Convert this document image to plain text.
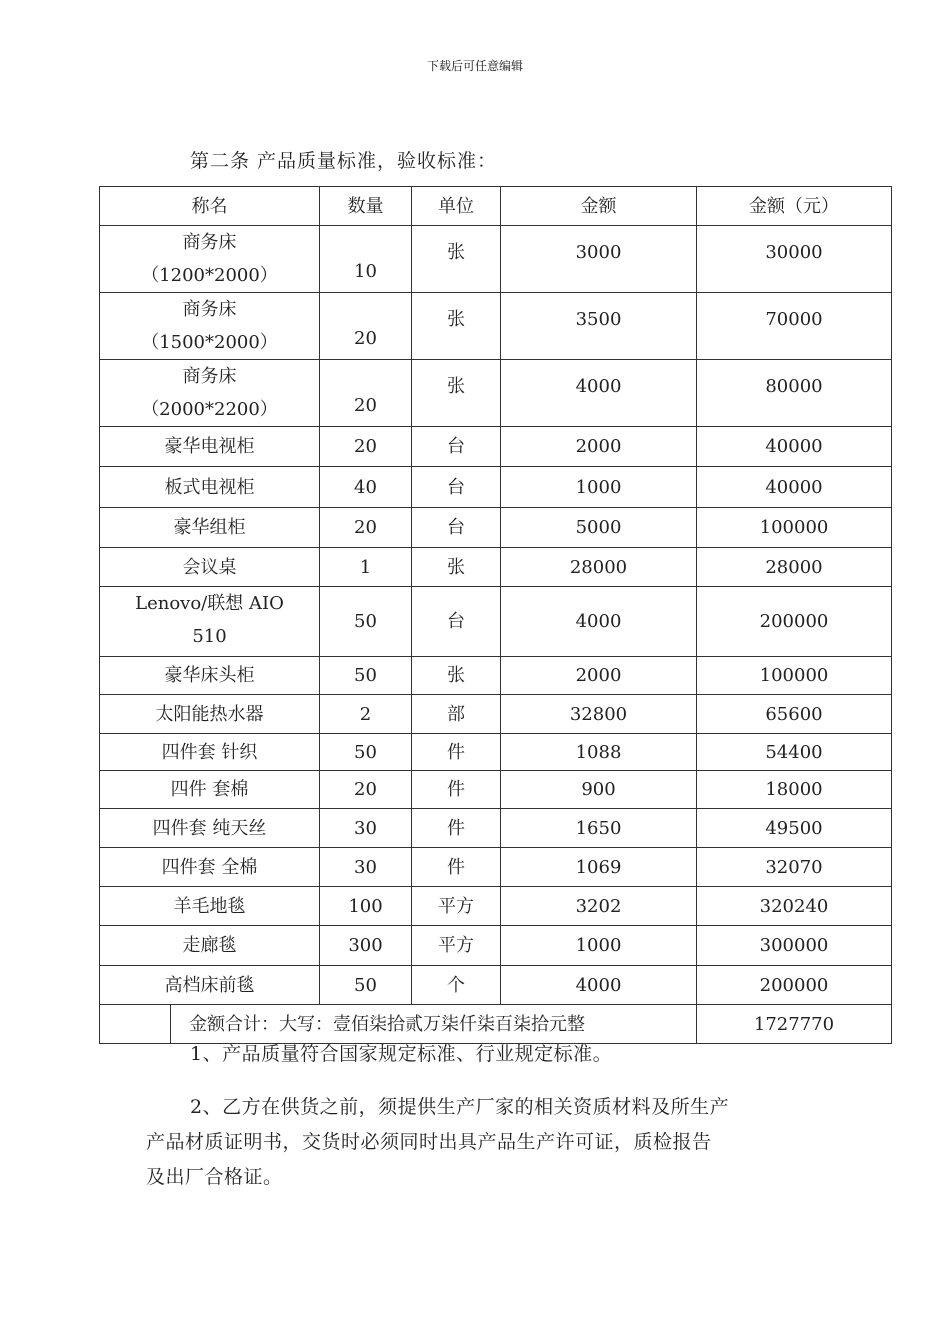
下载后可任意编辑
第二条 产品质量标准，验收标准：
称名	数量	单位	金额	金额（元）

商务床
（1200*2000）	10	张	3000	30000

商务床
（1500*2000）	20	张	3500	70000

商务床
（2000*2200）	20	张	4000	80000

豪华电视柜	20	台	2000	40000
板式电视柜	40	台	1000	40000
豪华组柜	20	台	5000	100000
会议桌	1	张	28000	28000

Lenovo/联想 AIO
510	50	台	4000	200000
豪华床头柜	50	张	2000	100000
太阳能热水器	2	部	32800	65600
四件套 针织	50	件	1088	54400
四件 套棉	20	件	900	18000
四件套 纯天丝	30	件	1650	49500
四件套 全棉	30	件	1069	32070
羊毛地毯	100	平方	3202	320240
走廊毯	300	平方	1000	300000
高档床前毯	50	个	4000	200000

金额合计：大写：壹佰柒拾贰万柒仟柒百柒拾元整				1727770
1、产品质量符合国家规定标准、行业规定标准。
2、乙方在供货之前，须提供生产厂家的相关资质材料及所生产
产品材质证明书，交货时必须同时出具产品生产许可证，质检报告
及出厂合格证。
